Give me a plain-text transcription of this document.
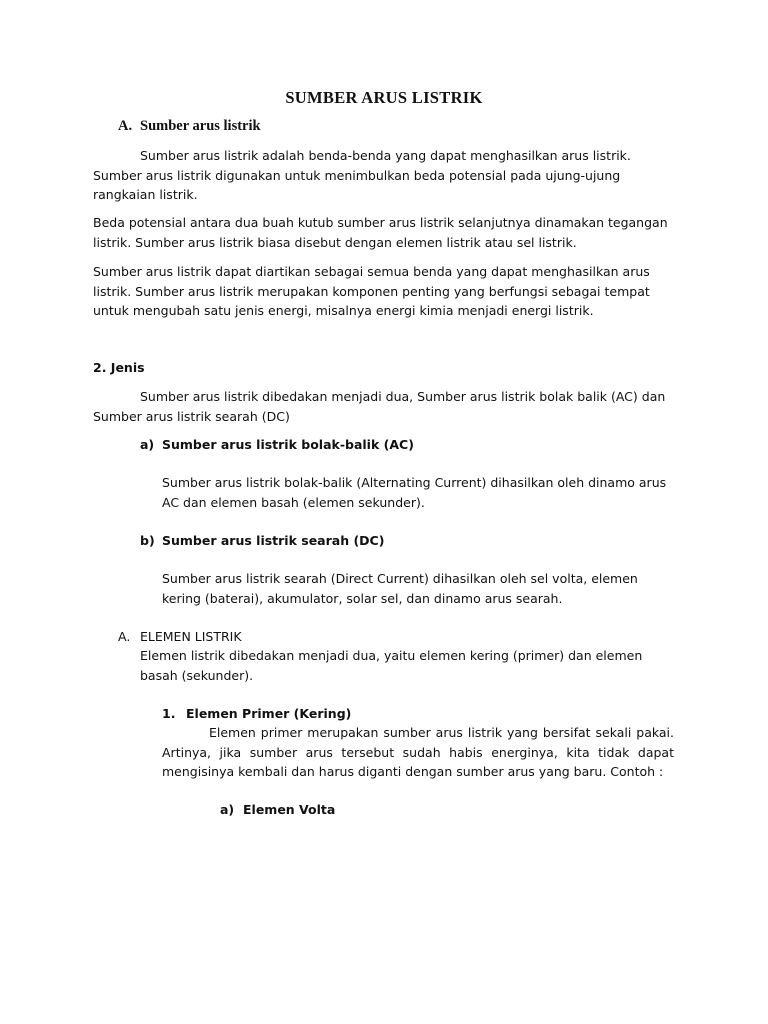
SUMBER ARUS LISTRIK
A. Sumber arus listrik

Sumber arus listrik adalah benda-benda yang dapat menghasilkan arus listrik. Sumber arus listrik digunakan untuk menimbulkan beda potensial pada ujung-ujung rangkaian listrik.

Beda potensial antara dua buah kutub sumber arus listrik selanjutnya dinamakan tegangan listrik. Sumber arus listrik biasa disebut dengan elemen listrik atau sel listrik.

Sumber arus listrik dapat diartikan sebagai semua benda yang dapat menghasilkan arus listrik. Sumber arus listrik merupakan komponen penting yang berfungsi sebagai tempat untuk mengubah satu jenis energi, misalnya energi kimia menjadi energi listrik.

2. Jenis

Sumber arus listrik dibedakan menjadi dua, Sumber arus listrik bolak balik (AC) dan Sumber arus listrik searah (DC)

a) Sumber arus listrik bolak-balik (AC)

Sumber arus listrik bolak-balik (Alternating Current) dihasilkan oleh dinamo arus AC dan elemen basah (elemen sekunder).

b) Sumber arus listrik searah (DC)

Sumber arus listrik searah (Direct Current) dihasilkan oleh sel volta, elemen kering (baterai), akumulator, solar sel, dan dinamo arus searah.

A. ELEMEN LISTRIK

Elemen listrik dibedakan menjadi dua, yaitu elemen kering (primer) dan elemen basah (sekunder).

1. Elemen Primer (Kering)

Elemen primer merupakan sumber arus listrik yang bersifat sekali pakai. Artinya, jika sumber arus tersebut sudah habis energinya, kita tidak dapat mengisinya kembali dan harus diganti dengan sumber arus yang baru. Contoh :

a) Elemen Volta
